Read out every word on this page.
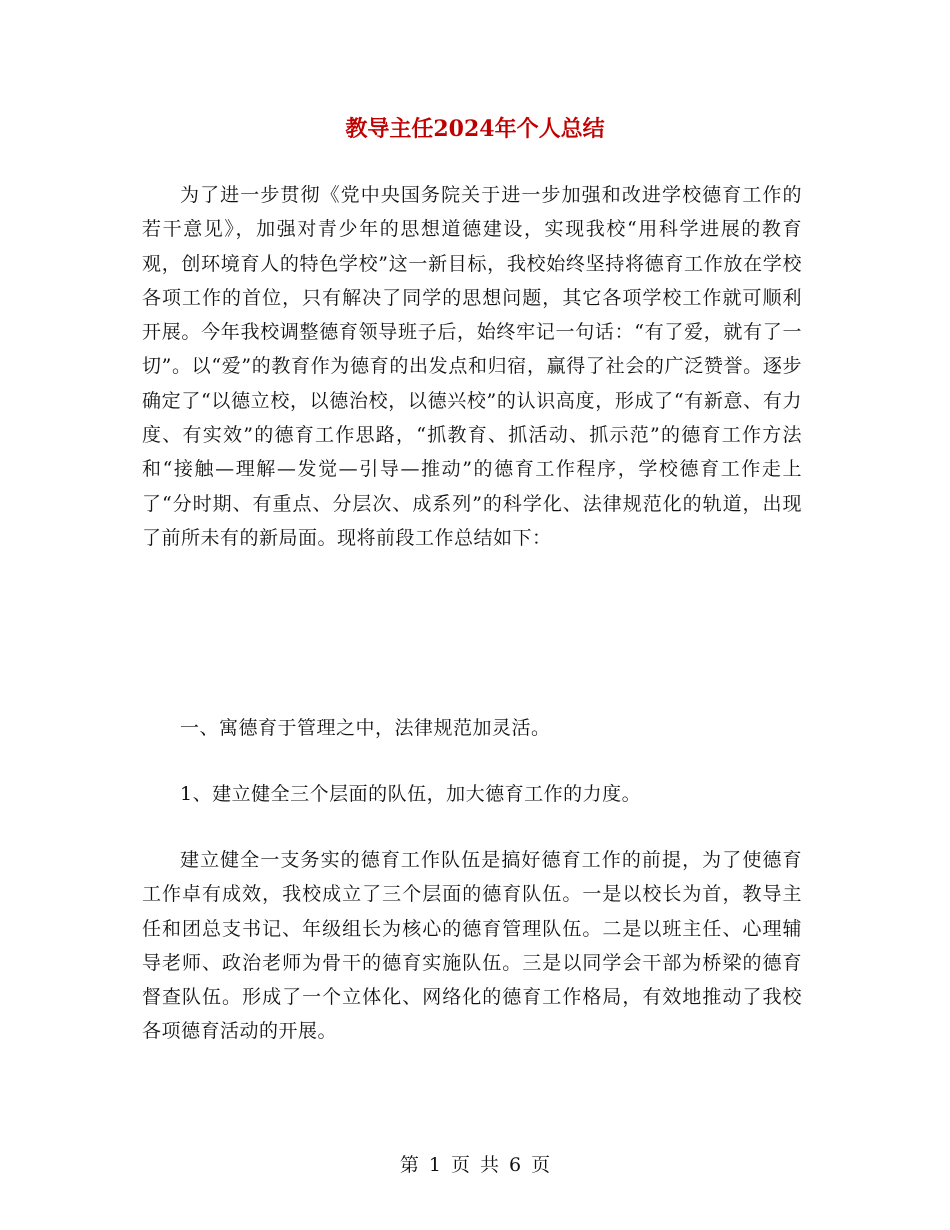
教导主任2024年个人总结

为了进一步贯彻《党中央国务院关于进一步加强和改进学校德育工作的若干意见》，加强对青少年的思想道德建设，实现我校“用科学进展的教育观，创环境育人的特色学校”这一新目标，我校始终坚持将德育工作放在学校各项工作的首位，只有解决了同学的思想问题，其它各项学校工作就可顺利开展。今年我校调整德育领导班子后，始终牢记一句话：“有了爱，就有了一切”。以“爱”的教育作为德育的出发点和归宿，赢得了社会的广泛赞誉。逐步确定了“以德立校，以德治校，以德兴校”的认识高度，形成了“有新意、有力度、有实效”的德育工作思路，“抓教育、抓活动、抓示范”的德育工作方法和“接触—理解—发觉—引导—推动”的德育工作程序，学校德育工作走上了“分时期、有重点、分层次、成系列”的科学化、法律规范化的轨道，出现了前所未有的新局面。现将前段工作总结如下：

一、寓德育于管理之中，法律规范加灵活。

1、建立健全三个层面的队伍，加大德育工作的力度。

建立健全一支务实的德育工作队伍是搞好德育工作的前提，为了使德育工作卓有成效，我校成立了三个层面的德育队伍。一是以校长为首，教导主任和团总支书记、年级组长为核心的德育管理队伍。二是以班主任、心理辅导老师、政治老师为骨干的德育实施队伍。三是以同学会干部为桥梁的德育督查队伍。形成了一个立体化、网络化的德育工作格局，有效地推动了我校各项德育活动的开展。

第 1 页 共 6 页
